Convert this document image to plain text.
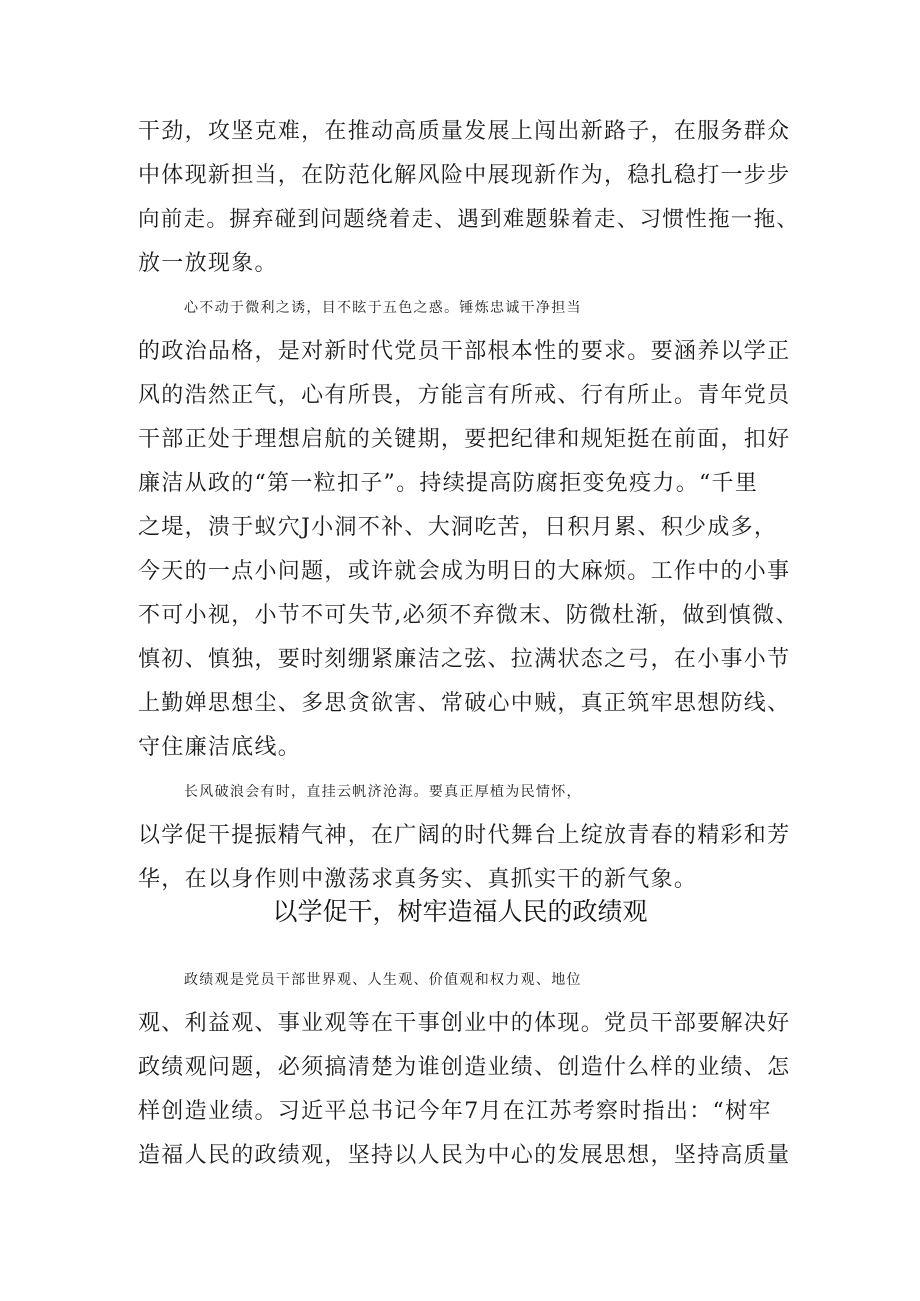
干劲，攻坚克难，在推动高质量发展上闯出新路子，在服务群众
中体现新担当，在防范化解风险中展现新作为，稳扎稳打一步步
向前走。摒弃碰到问题绕着走、遇到难题躲着走、习惯性拖一拖、
放一放现象。
心不动于微利之诱，目不眩于五色之惑。锤炼忠诚干净担当
的政治品格，是对新时代党员干部根本性的要求。要涵养以学正
风的浩然正气，心有所畏，方能言有所戒、行有所止。青年党员
干部正处于理想启航的关键期，要把纪律和规矩挺在前面，扣好
廉洁从政的“第一粒扣子”。持续提高防腐拒变免疫力。“千里
之堤，溃于蚁穴J小洞不补、大洞吃苦，日积月累、积少成多，
今天的一点小问题，或许就会成为明日的大麻烦。工作中的小事
不可小视，小节不可失节,必须不弃微末、防微杜渐，做到慎微、
慎初、慎独，要时刻绷紧廉洁之弦、拉满状态之弓，在小事小节
上勤婵思想尘、多思贪欲害、常破心中贼，真正筑牢思想防线、
守住廉洁底线。
长风破浪会有时，直挂云帆济沧海。要真正厚植为民情怀，
以学促干提振精气神，在广阔的时代舞台上绽放青春的精彩和芳
华，在以身作则中激荡求真务实、真抓实干的新气象。
以学促干，树牢造福人民的政绩观
政绩观是党员干部世界观、人生观、价值观和权力观、地位
观、利益观、事业观等在干事创业中的体现。党员干部要解决好
政绩观问题，必须搞清楚为谁创造业绩、创造什么样的业绩、怎
样创造业绩。习近平总书记今年7月在江苏考察时指出：“树牢
造福人民的政绩观，坚持以人民为中心的发展思想，坚持高质量
